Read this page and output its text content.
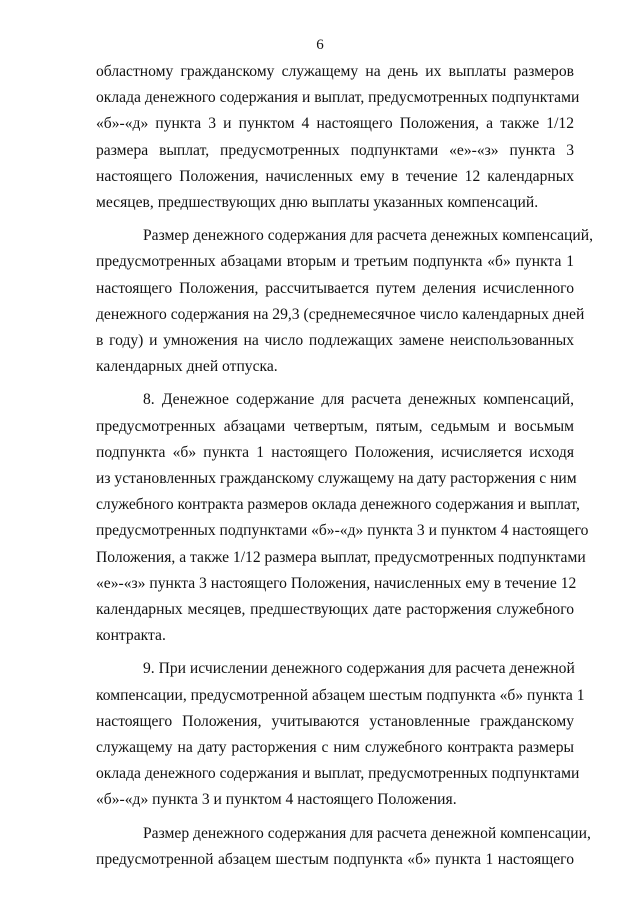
6
областному гражданскому служащему на день их выплаты размеров
оклада денежного содержания и выплат, предусмотренных подпунктами
«б»-«д» пункта 3 и пунктом 4 настоящего Положения, а также 1/12
размера выплат, предусмотренных подпунктами «е»-«з» пункта 3
настоящего Положения, начисленных ему в течение 12 календарных
месяцев, предшествующих дню выплаты указанных компенсаций.
Размер денежного содержания для расчета денежных компенсаций,
предусмотренных абзацами вторым и третьим подпункта «б» пункта 1
настоящего Положения, рассчитывается путем деления исчисленного
денежного содержания на 29,3 (среднемесячное число календарных дней
в году) и умножения на число подлежащих замене неиспользованных
календарных дней отпуска.
8. Денежное содержание для расчета денежных компенсаций,
предусмотренных абзацами четвертым, пятым, седьмым и восьмым
подпункта «б» пункта 1 настоящего Положения, исчисляется исходя
из установленных гражданскому служащему на дату расторжения с ним
служебного контракта размеров оклада денежного содержания и выплат,
предусмотренных подпунктами «б»-«д» пункта 3 и пунктом 4 настоящего
Положения, а также 1/12 размера выплат, предусмотренных подпунктами
«е»-«з» пункта 3 настоящего Положения, начисленных ему в течение 12
календарных месяцев, предшествующих дате расторжения служебного
контракта.
9. При исчислении денежного содержания для расчета денежной
компенсации, предусмотренной абзацем шестым подпункта «б» пункта 1
настоящего Положения, учитываются установленные гражданскому
служащему на дату расторжения с ним служебного контракта размеры
оклада денежного содержания и выплат, предусмотренных подпунктами
«б»-«д» пункта 3 и пунктом 4 настоящего Положения.
Размер денежного содержания для расчета денежной компенсации,
предусмотренной абзацем шестым подпункта «б» пункта 1 настоящего
